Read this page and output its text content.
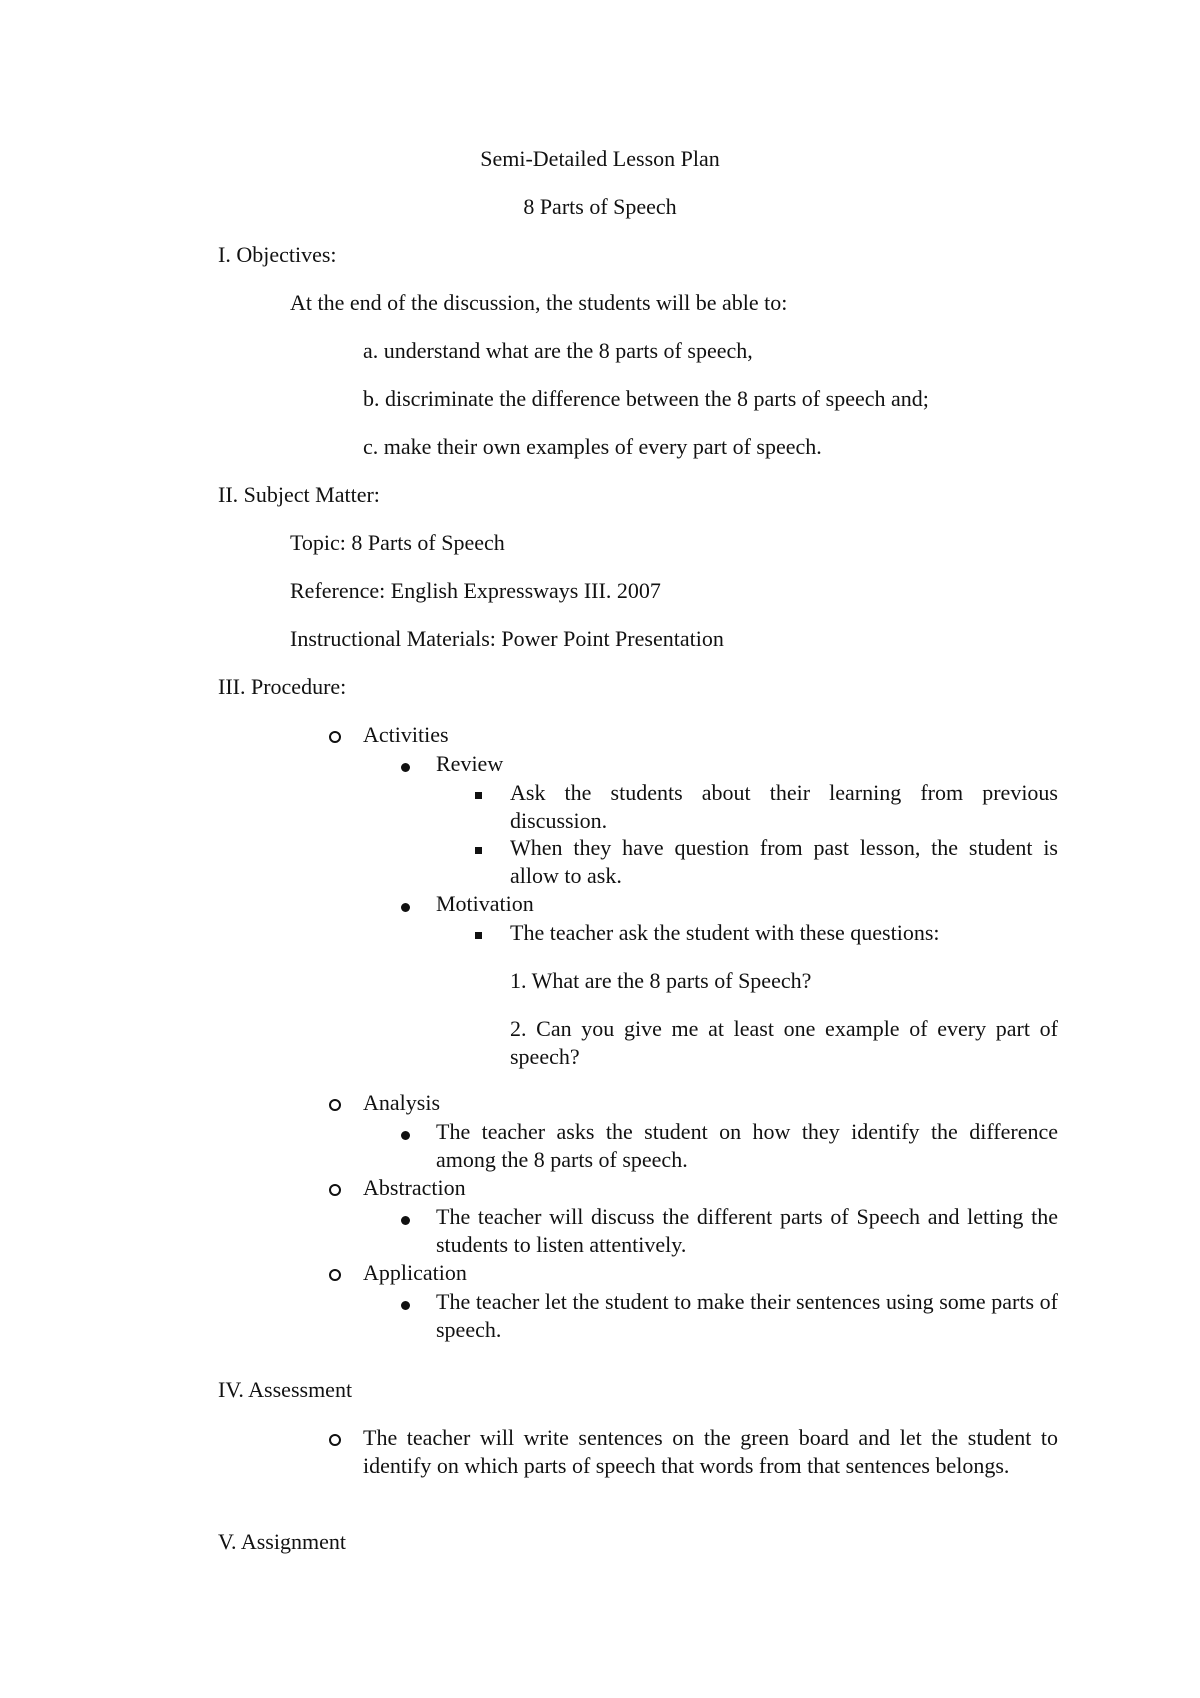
Semi-Detailed Lesson Plan
8 Parts of Speech
I. Objectives:
At the end of the discussion, the students will be able to:
a. understand what are the 8 parts of speech,
b. discriminate the difference between the 8 parts of speech and;
c. make their own examples of every part of speech.
II. Subject Matter:
Topic: 8 Parts of Speech
Reference: English Expressways III. 2007
Instructional Materials: Power Point Presentation
III. Procedure:
Activities
Review
Ask the students about their learning from previous discussion.
When they have question from past lesson, the student is allow to ask.
Motivation
The teacher ask the student with these questions:
1. What are the 8 parts of Speech?
2. Can you give me at least one example of every part of speech?
Analysis
The teacher asks the student on how they identify the difference among the 8 parts of speech.
Abstraction
The teacher will discuss the different parts of Speech and letting the students to listen attentively.
Application
The teacher let the student to make their sentences using some parts of speech.
IV. Assessment
The teacher will write sentences on the green board and let the student to identify on which parts of speech that words from that sentences belongs.
V. Assignment
